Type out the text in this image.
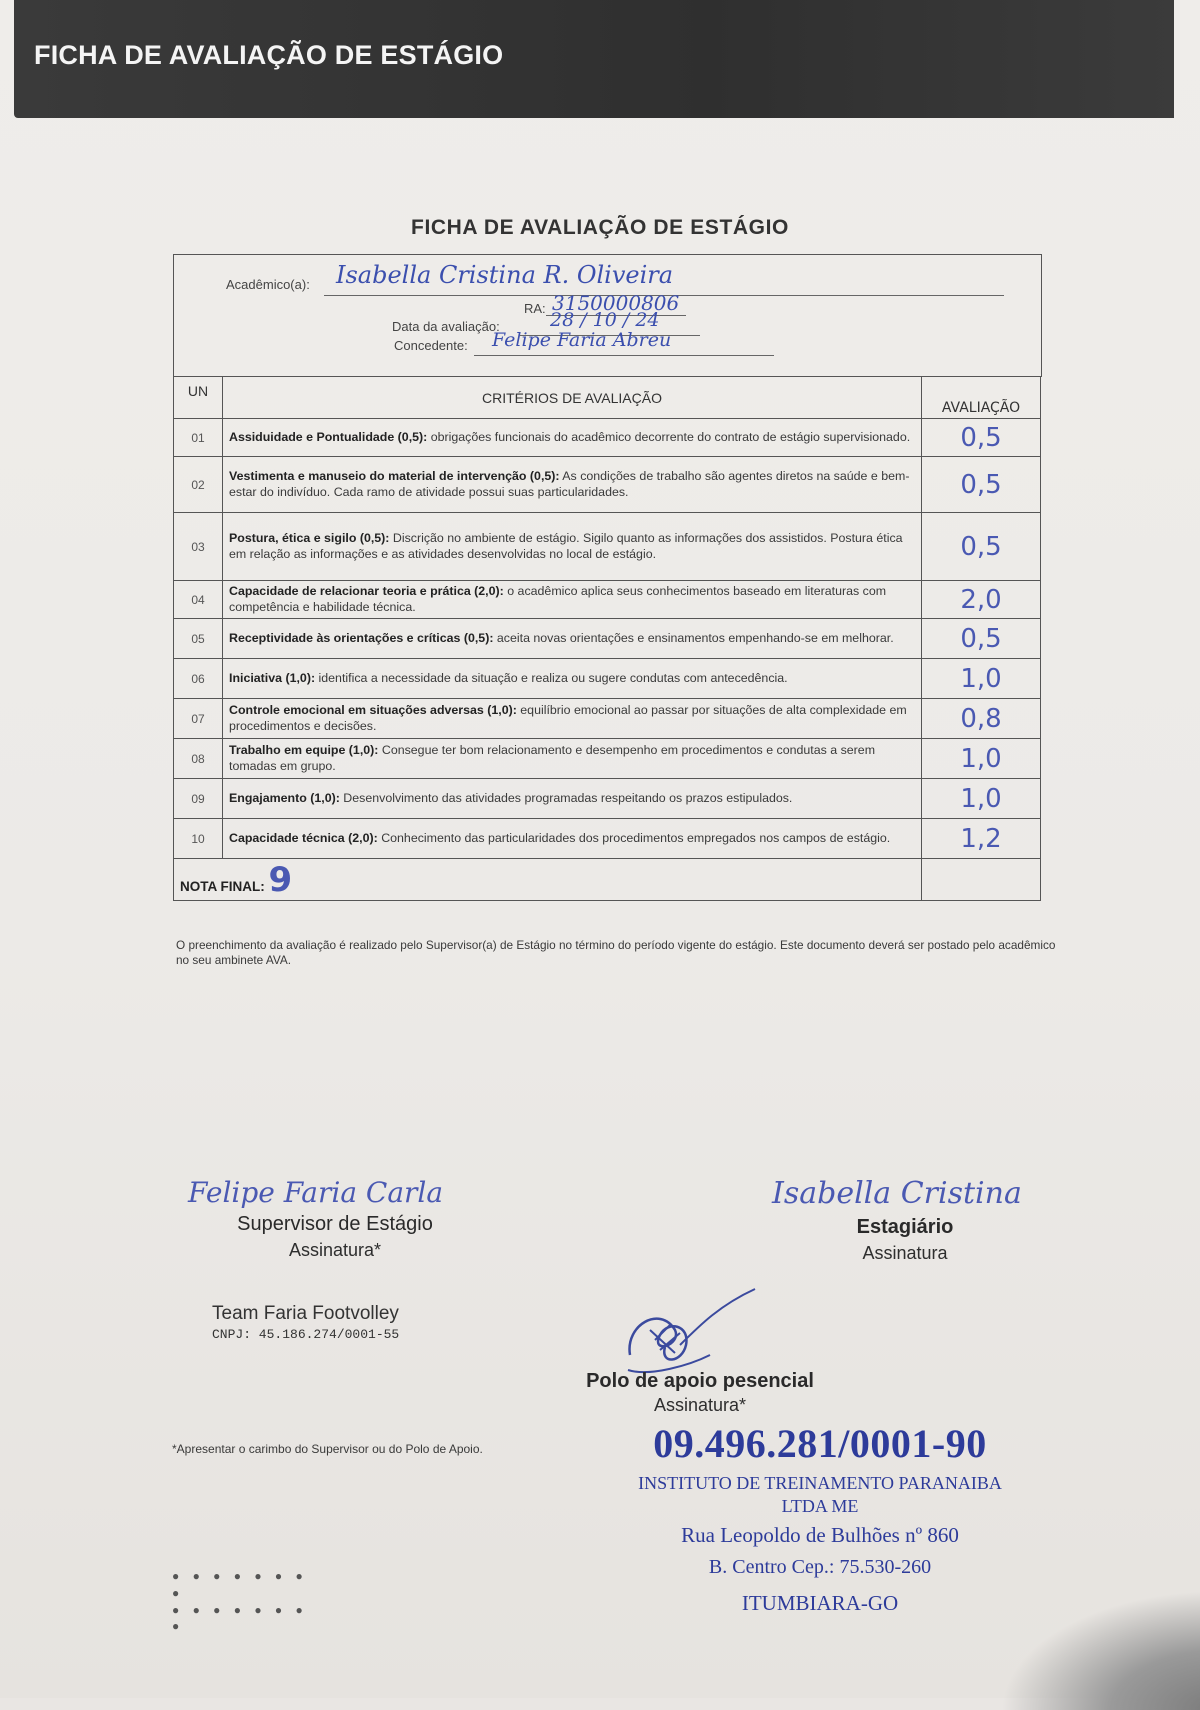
FICHA DE AVALIAÇÃO DE ESTÁGIO
FICHA DE AVALIAÇÃO DE ESTÁGIO
Acadêmico(a): Isabella Cristina R. Oliveira
RA: 3150000806
Data da avaliação:	28 / 10 / 24
Concedente: Felipe Faria Abreu
UN	CRITÉRIOS DE AVALIAÇÃO	AVALIAÇÃO
01	Assiduidade e Pontualidade (0,5): obrigações funcionais do acadêmico decorrente do contrato de estágio supervisionado.	0,5
02	Vestimenta e manuseio do material de intervenção (0,5): As condições de trabalho são agentes diretos na saúde e bem-estar do indivíduo. Cada ramo de atividade possui suas particularidades.	0,5
03	Postura, ética e sigilo (0,5): Discrição no ambiente de estágio. Sigilo quanto as informações dos assistidos. Postura ética em relação as informações e as atividades desenvolvidas no local de estágio.	0,5
04	Capacidade de relacionar teoria e prática (2,0): o acadêmico aplica seus conhecimentos baseado em literaturas com competência e habilidade técnica.	2,0
05	Receptividade às orientações e críticas (0,5): aceita novas orientações e ensinamentos empenhando-se em melhorar.	0,5
06	Iniciativa (1,0): identifica a necessidade da situação e realiza ou sugere condutas com antecedência.	1,0
07	Controle emocional em situações adversas (1,0): equilíbrio emocional ao passar por situações de alta complexidade em procedimentos e decisões.	0,8
08	Trabalho em equipe (1,0): Consegue ter bom relacionamento e desempenho em procedimentos e condutas a serem tomadas em grupo.	1,0
09	Engajamento (1,0): Desenvolvimento das atividades programadas respeitando os prazos estipulados.	1,0
10	Capacidade técnica (2,0): Conhecimento das particularidades dos procedimentos empregados nos campos de estágio.	1,2
NOTA FINAL: 9		
O preenchimento da avaliação é realizado pelo Supervisor(a) de Estágio no término do período vigente do estágio. Este documento deverá ser postado pelo acadêmico no seu ambinete AVA.
Felipe Faria Carla
Supervisor de Estágio
Assinatura*
Team Faria Footvolley
CNPJ: 45.186.274/0001-55
Isabella Cristina
Estagiário
Assinatura
Polo de apoio pesencial
Assinatura*
*Apresentar o carimbo do Supervisor ou do Polo de Apoio.	09.496.281/0001-90
INSTITUTO DE TREINAMENTO PARANAIBA
LTDA ME
Rua Leopoldo de Bulhões nº 860
B. Centro Cep.: 75.530-260
ITUMBIARA-GO
● ● ● ● ● ● ● ●
● ● ● ● ● ● ● ●
